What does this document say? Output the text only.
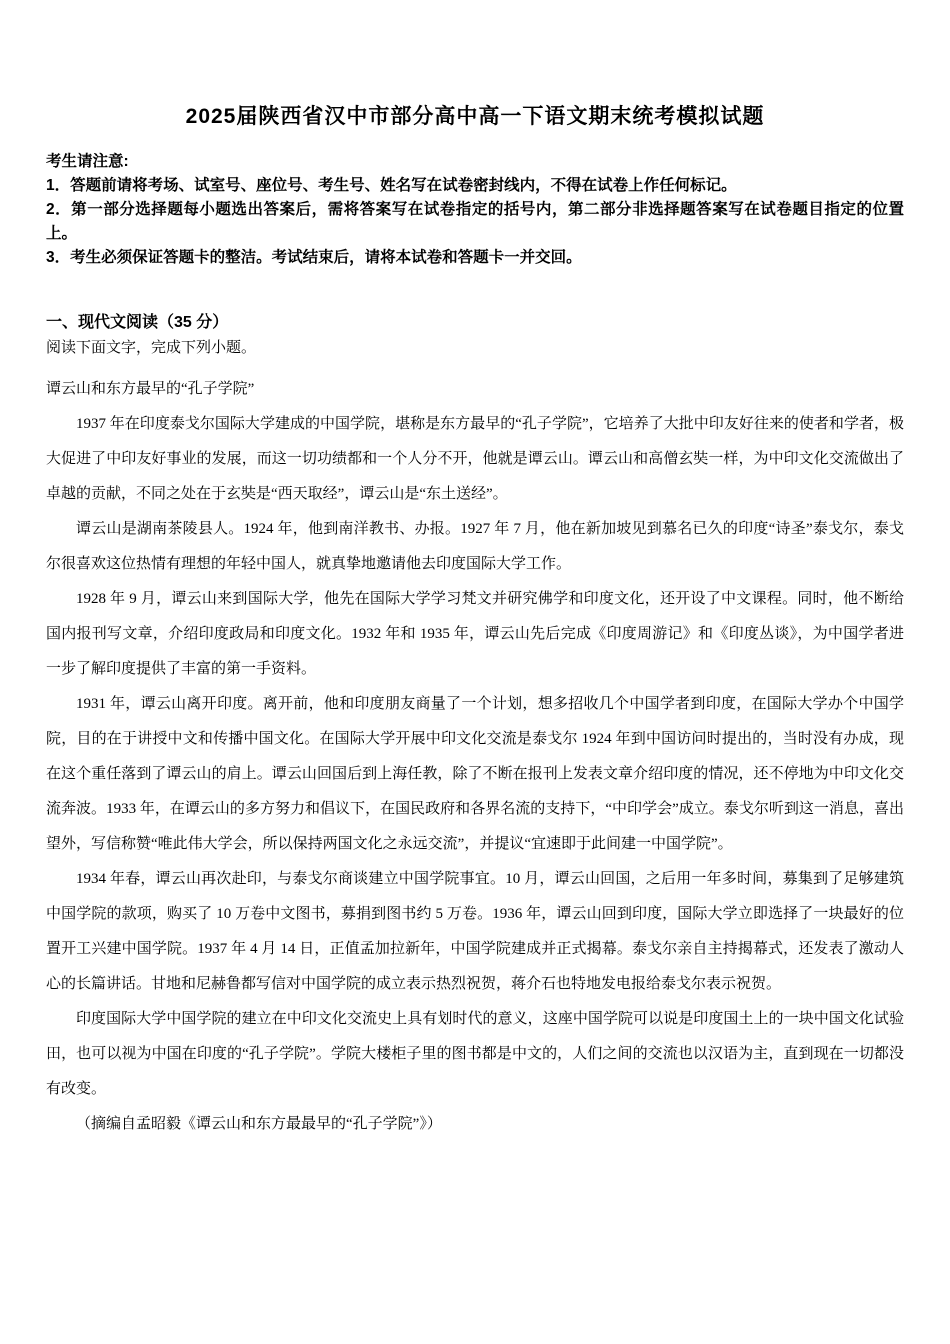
2025届陕西省汉中市部分高中高一下语文期末统考模拟试题
考生请注意:
1．答题前请将考场、试室号、座位号、考生号、姓名写在试卷密封线内，不得在试卷上作任何标记。
2．第一部分选择题每小题选出答案后，需将答案写在试卷指定的括号内，第二部分非选择题答案写在试卷题目指定的位置上。
3．考生必须保证答题卡的整洁。考试结束后，请将本试卷和答题卡一并交回。
一、现代文阅读（35 分）
阅读下面文字，完成下列小题。
谭云山和东方最早的“孔子学院”

1937 年在印度泰戈尔国际大学建成的中国学院，堪称是东方最早的“孔子学院”，它培养了大批中印友好往来的使者和学者，极大促进了中印友好事业的发展，而这一切功绩都和一个人分不开，他就是谭云山。谭云山和高僧玄奘一样，为中印文化交流做出了卓越的贡献，不同之处在于玄奘是“西天取经”，谭云山是“东土送经”。

谭云山是湖南茶陵县人。1924 年，他到南洋教书、办报。1927 年 7 月，他在新加坡见到慕名已久的印度“诗圣”泰戈尔，泰戈尔很喜欢这位热情有理想的年轻中国人，就真挚地邀请他去印度国际大学工作。

1928 年 9 月，谭云山来到国际大学，他先在国际大学学习梵文并研究佛学和印度文化，还开设了中文课程。同时，他不断给国内报刊写文章，介绍印度政局和印度文化。1932 年和 1935 年，谭云山先后完成《印度周游记》和《印度丛谈》，为中国学者进一步了解印度提供了丰富的第一手资料。

1931 年，谭云山离开印度。离开前，他和印度朋友商量了一个计划，想多招收几个中国学者到印度，在国际大学办个中国学院，目的在于讲授中文和传播中国文化。在国际大学开展中印文化交流是泰戈尔 1924 年到中国访问时提出的，当时没有办成，现在这个重任落到了谭云山的肩上。谭云山回国后到上海任教，除了不断在报刊上发表文章介绍印度的情况，还不停地为中印文化交流奔波。1933 年，在谭云山的多方努力和倡议下，在国民政府和各界名流的支持下，“中印学会”成立。泰戈尔听到这一消息，喜出望外，写信称赞“唯此伟大学会，所以保持两国文化之永远交流”，并提议“宜速即于此间建一中国学院”。

1934 年春，谭云山再次赴印，与泰戈尔商谈建立中国学院事宜。10 月，谭云山回国，之后用一年多时间，募集到了足够建筑中国学院的款项，购买了 10 万卷中文图书，募捐到图书约 5 万卷。1936 年，谭云山回到印度，国际大学立即选择了一块最好的位置开工兴建中国学院。1937 年 4 月 14 日，正值孟加拉新年，中国学院建成并正式揭幕。泰戈尔亲自主持揭幕式，还发表了激动人心的长篇讲话。甘地和尼赫鲁都写信对中国学院的成立表示热烈祝贺，蒋介石也特地发电报给泰戈尔表示祝贺。

印度国际大学中国学院的建立在中印文化交流史上具有划时代的意义，这座中国学院可以说是印度国土上的一块中国文化试验田，也可以视为中国在印度的“孔子学院”。学院大楼柜子里的图书都是中文的，人们之间的交流也以汉语为主，直到现在一切都没有改变。

（摘编自孟昭毅《谭云山和东方最最早的“孔子学院”》）
